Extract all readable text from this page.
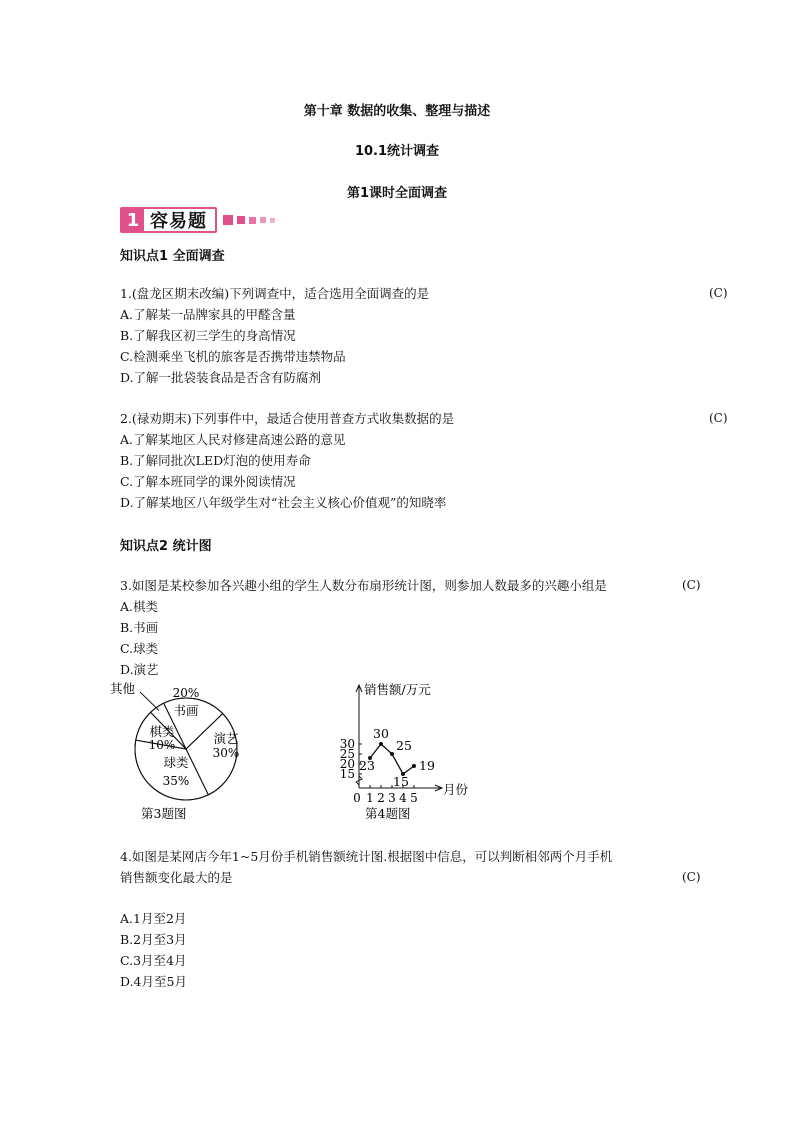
第十章 数据的收集、整理与描述
10.1统计调查
第1课时全面调查
1 容易题
知识点1 全面调查
1.(盘龙区期末改编)下列调查中，适合选用全面调查的是	(C)
A.了解某一品牌家具的甲醛含量
B.了解我区初三学生的身高情况
C.检测乘坐飞机的旅客是否携带违禁物品
D.了解一批袋装食品是否含有防腐剂
2.(禄劝期末)下列事件中，最适合使用普查方式收集数据的是	(C)
A.了解某地区人民对修建高速公路的意见
B.了解同批次LED灯泡的使用寿命
C.了解本班同学的课外阅读情况
D.了解某地区八年级学生对“社会主义核心价值观”的知晓率
知识点2 统计图
3.如图是某校参加各兴趣小组的学生人数分布扇形统计图，则参加人数最多的兴趣小组是	(C)
A.棋类
B.书画
C.球类
D.演艺
书画
20%
演艺
30%
球类
35%
棋类
10%
其他
第3题图
销售额/万元
月份
15
20
25
30
0 1 2 3 4 5
23
30
25
15
19
第4题图
4.如图是某网店今年1~5月份手机销售额统计图.根据图中信息，可以判断相邻两个月手机
销售额变化最大的是	(C)
A.1月至2月
B.2月至3月
C.3月至4月
D.4月至5月
